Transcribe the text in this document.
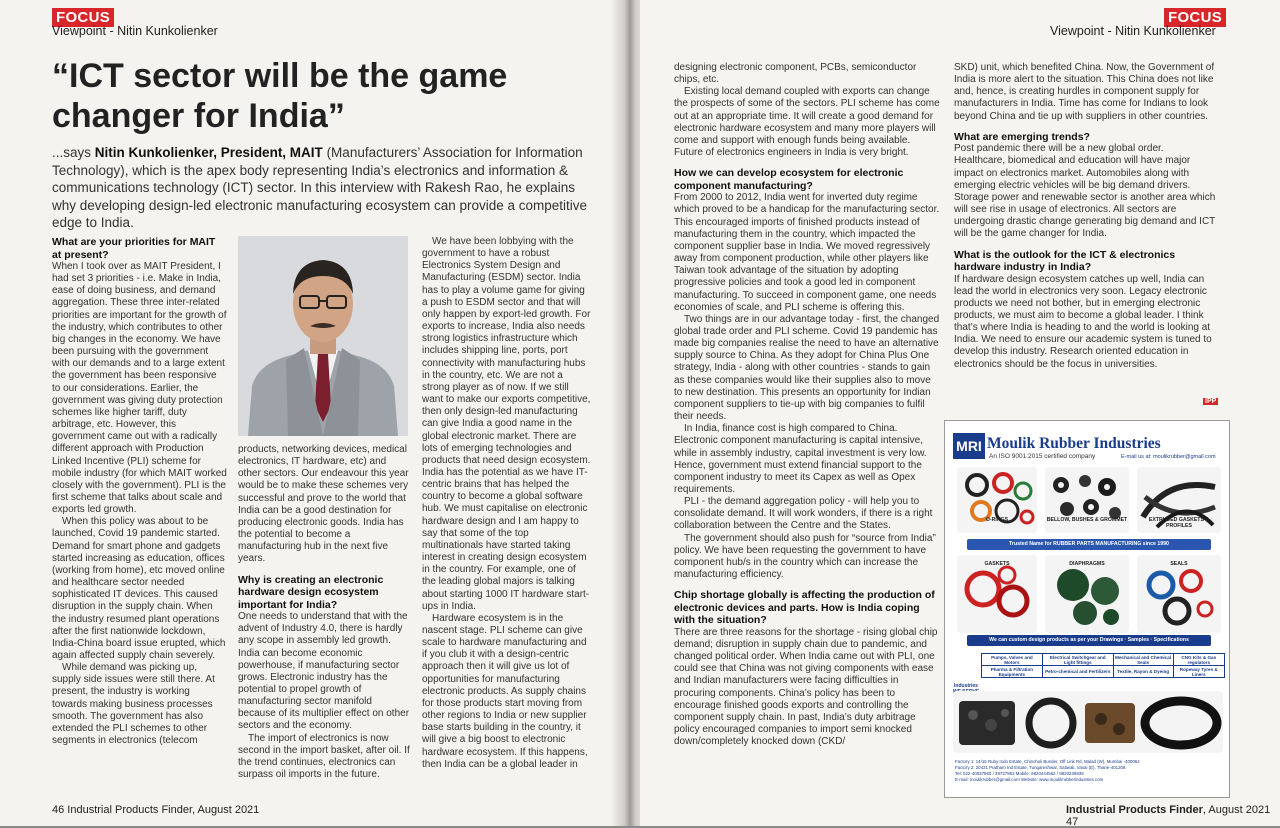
FOCUS
Viewpoint - Nitin Kunkolienker
“ICT sector will be the game changer for India”
...says Nitin Kunkolienker, President, MAIT (Manufacturers’ Association for Information Technology), which is the apex body representing India’s electronics and information & communications technology (ICT) sector. In this interview with Rakesh Rao, he explains why developing design-led electronic manufacturing ecosystem can provide a competitive edge to India.
What are your priorities for MAIT at present?

When I took over as MAIT President, I had set 3 priorities - i.e. Make in India, ease of doing business, and demand aggregation. These three inter-related priorities are important for the growth of the industry, which contributes to other big changes in the economy. We have been pursuing with the government with our demands and to a large extent the government has been responsive to our considerations. Earlier, the government was giving duty protection schemes like higher tariff, duty arbitrage, etc. However, this government came out with a radically different approach with Production Linked Incentive (PLI) scheme for mobile industry (for which MAIT worked closely with the government). PLI is the first scheme that talks about scale and exports led growth.

When this policy was about to be launched, Covid 19 pandemic started. Demand for smart phone and gadgets started increasing as education, offices (working from home), etc moved online and healthcare sector needed sophisticated IT devices. This caused disruption in the supply chain. When the industry resumed plant operations after the first nationwide lockdown, India-China board issue erupted, which again affected supply chain severely.

While demand was picking up, supply side issues were still there. At present, the industry is working towards making business processes smooth. The government has also extended the PLI schemes to other segments in electronics (telecom

products, networking devices, medical electronics, IT hardware, etc) and other sectors. Our endeavour this year would be to make these schemes very successful and prove to the world that India can be a good destination for producing electronic goods. India has the potential to become a manufacturing hub in the next five years.

Why is creating an electronic hardware design ecosystem important for India?

One needs to understand that with the advent of Industry 4.0, there is hardly any scope in assembly led growth. India can become economic powerhouse, if manufacturing sector grows. Electronic industry has the potential to propel growth of manufacturing sector manifold because of its multiplier effect on other sectors and the economy.

The import of electronics is now second in the import basket, after oil. If the trend continues, electronics can surpass oil imports in the future.

We have been lobbying with the government to have a robust Electronics System Design and Manufacturing (ESDM) sector. India has to play a volume game for giving a push to ESDM sector and that will only happen by export-led growth. For exports to increase, India also needs strong logistics infrastructure which includes shipping line, ports, port connectivity with manufacturing hubs in the country, etc. We are not a strong player as of now. If we still want to make our exports competitive, then only design-led manufacturing can give India a good name in the global electronic market. There are lots of emerging technologies and products that need design ecosystem. India has the potential as we have IT-centric brains that has helped the country to become a global software hub. We must capitalise on electronic hardware design and I am happy to say that some of the top multinationals have started taking interest in creating design ecosystem in the country. For example, one of the leading global majors is talking about starting 1000 IT hardware start-ups in India.

Hardware ecosystem is in the nascent stage. PLI scheme can give scale to hardware manufacturing and if you club it with a design-centric approach then it will give us lot of opportunities for manufacturing electronic products. As supply chains for those products start moving from other regions to India or new supplier base starts building in the country, it will give a big boost to electronic hardware ecosystem. If this happens, then India can be a global leader in

46 Industrial Products Finder, August 2021
FOCUS
Viewpoint - Nitin Kunkolienker

designing electronic component, PCBs, semiconductor chips, etc.

Existing local demand coupled with exports can change the prospects of some of the sectors. PLI scheme has come out at an appropriate time. It will create a good demand for electronic hardware ecosystem and many more players will come and support with enough funds being available. Future of electronics engineers in India is very bright.

How we can develop ecosystem for electronic component manufacturing?

From 2000 to 2012, India went for inverted duty regime which proved to be a handicap for the manufacturing sector. This encouraged imports of finished products instead of manufacturing them in the country, which impacted the component supplier base in India. We moved regressively away from component production, while other players like Taiwan took advantage of the situation by adopting progressive policies and took a good led in component manufacturing. To succeed in component game, one needs economies of scale, and PLI scheme is offering this.

Two things are in our advantage today - first, the changed global trade order and PLI scheme. Covid 19 pandemic has made big companies realise the need to have an alternative supply source to China. As they adopt for China Plus One strategy, India - along with other countries - stands to gain as these companies would like their supplies also to move to new destination. This presents an opportunity for Indian component suppliers to tie-up with big companies to fulfil their needs.

In India, finance cost is high compared to China. Electronic component manufacturing is capital intensive, while in assembly industry, capital investment is very low. Hence, government must extend financial support to the component industry to meet its Capex as well as Opex requirements.

PLI - the demand aggregation policy - will help you to consolidate demand. It will work wonders, if there is a right collaboration between the Centre and the States.

The government should also push for “source from India” policy. We have been requesting the government to have component hub/s in the country which can increase the manufacturing efficiency.

Chip shortage globally is affecting the production of electronic devices and parts. How is India coping with the situation?

There are three reasons for the shortage - rising global chip demand; disruption in supply chain due to pandemic, and changed political order. When India came out with PLI, one could see that China was not giving components with ease and Indian manufacturers were facing difficulties in procuring components. China’s policy has been to encourage finished goods exports and controlling the component supply chain. In past, India’s duty arbitrage policy encouraged companies to import semi knocked down/completely knocked down (CKD/

SKD) unit, which benefited China. Now, the Government of India is more alert to the situation. This China does not like and, hence, is creating hurdles in component supply for manufacturers in India. Time has come for Indians to look beyond China and tie up with suppliers in other countries.

What are emerging trends?

Post pandemic there will be a new global order. Healthcare, biomedical and education will have major impact on electronics market. Automobiles along with emerging electric vehicles will be big demand drivers. Storage power and renewable sector is another area which will see rise in usage of electronics. All sectors are undergoing drastic change generating big demand and ICT will be the game changer for India.

What is the outlook for the ICT & electronics hardware industry in India?

If hardware design ecosystem catches up well, India can lead the world in electronics very soon. Legacy electronic products we need not bother, but in emerging electronic products, we must aim to become a global leader. I think that’s where India is heading to and the world is looking at India. We need to ensure our academic system is tuned to develop this industry. Research oriented education in electronics should be the focus in universities.

IPP
MRI Moulik Rubber Industries
An ISO 9001:2015 certified company	E-mail us at: moulikrubber@gmail.com
O-RINGS	BELLOW, BUSHES & GROMMET	EXTRUDED GASKETS & PROFILES
Trusted Name for RUBBER PARTS MANUFACTURING since 1990
GASKETS	DIAPHRAGMS	SEALS
We can custom design products as per your Drawings · Samples · Specifications
Industries
Pumps, Valves and Motors	Electrical Switchgear and Light fittings	Mechanical and Chemical Seals	CNG Kits & Gas regulators
Pharma & Filtration Equipments	Petro-chemical and Fertilizers	Textile, Rayon & Dyeing	Ropeway Tyres & Liners
Factory 1: 14/15 Ruby Indo Estate, Chincholi Bunder, Off Link Rd, Malad (W), Mumbai -400064
Factory 2: 20421 Pratham Ind Estate, Tungareshwar, Satiwali, Vasai (E), Thane-401208
Tel: 022-40037860 / 28727863 Mobile: 9820444562 / 9820239838
E-mail: moulikrubber@gmail.com Website: www.moulikrubberindustries.com
Industrial Products Finder, August 2021 47
